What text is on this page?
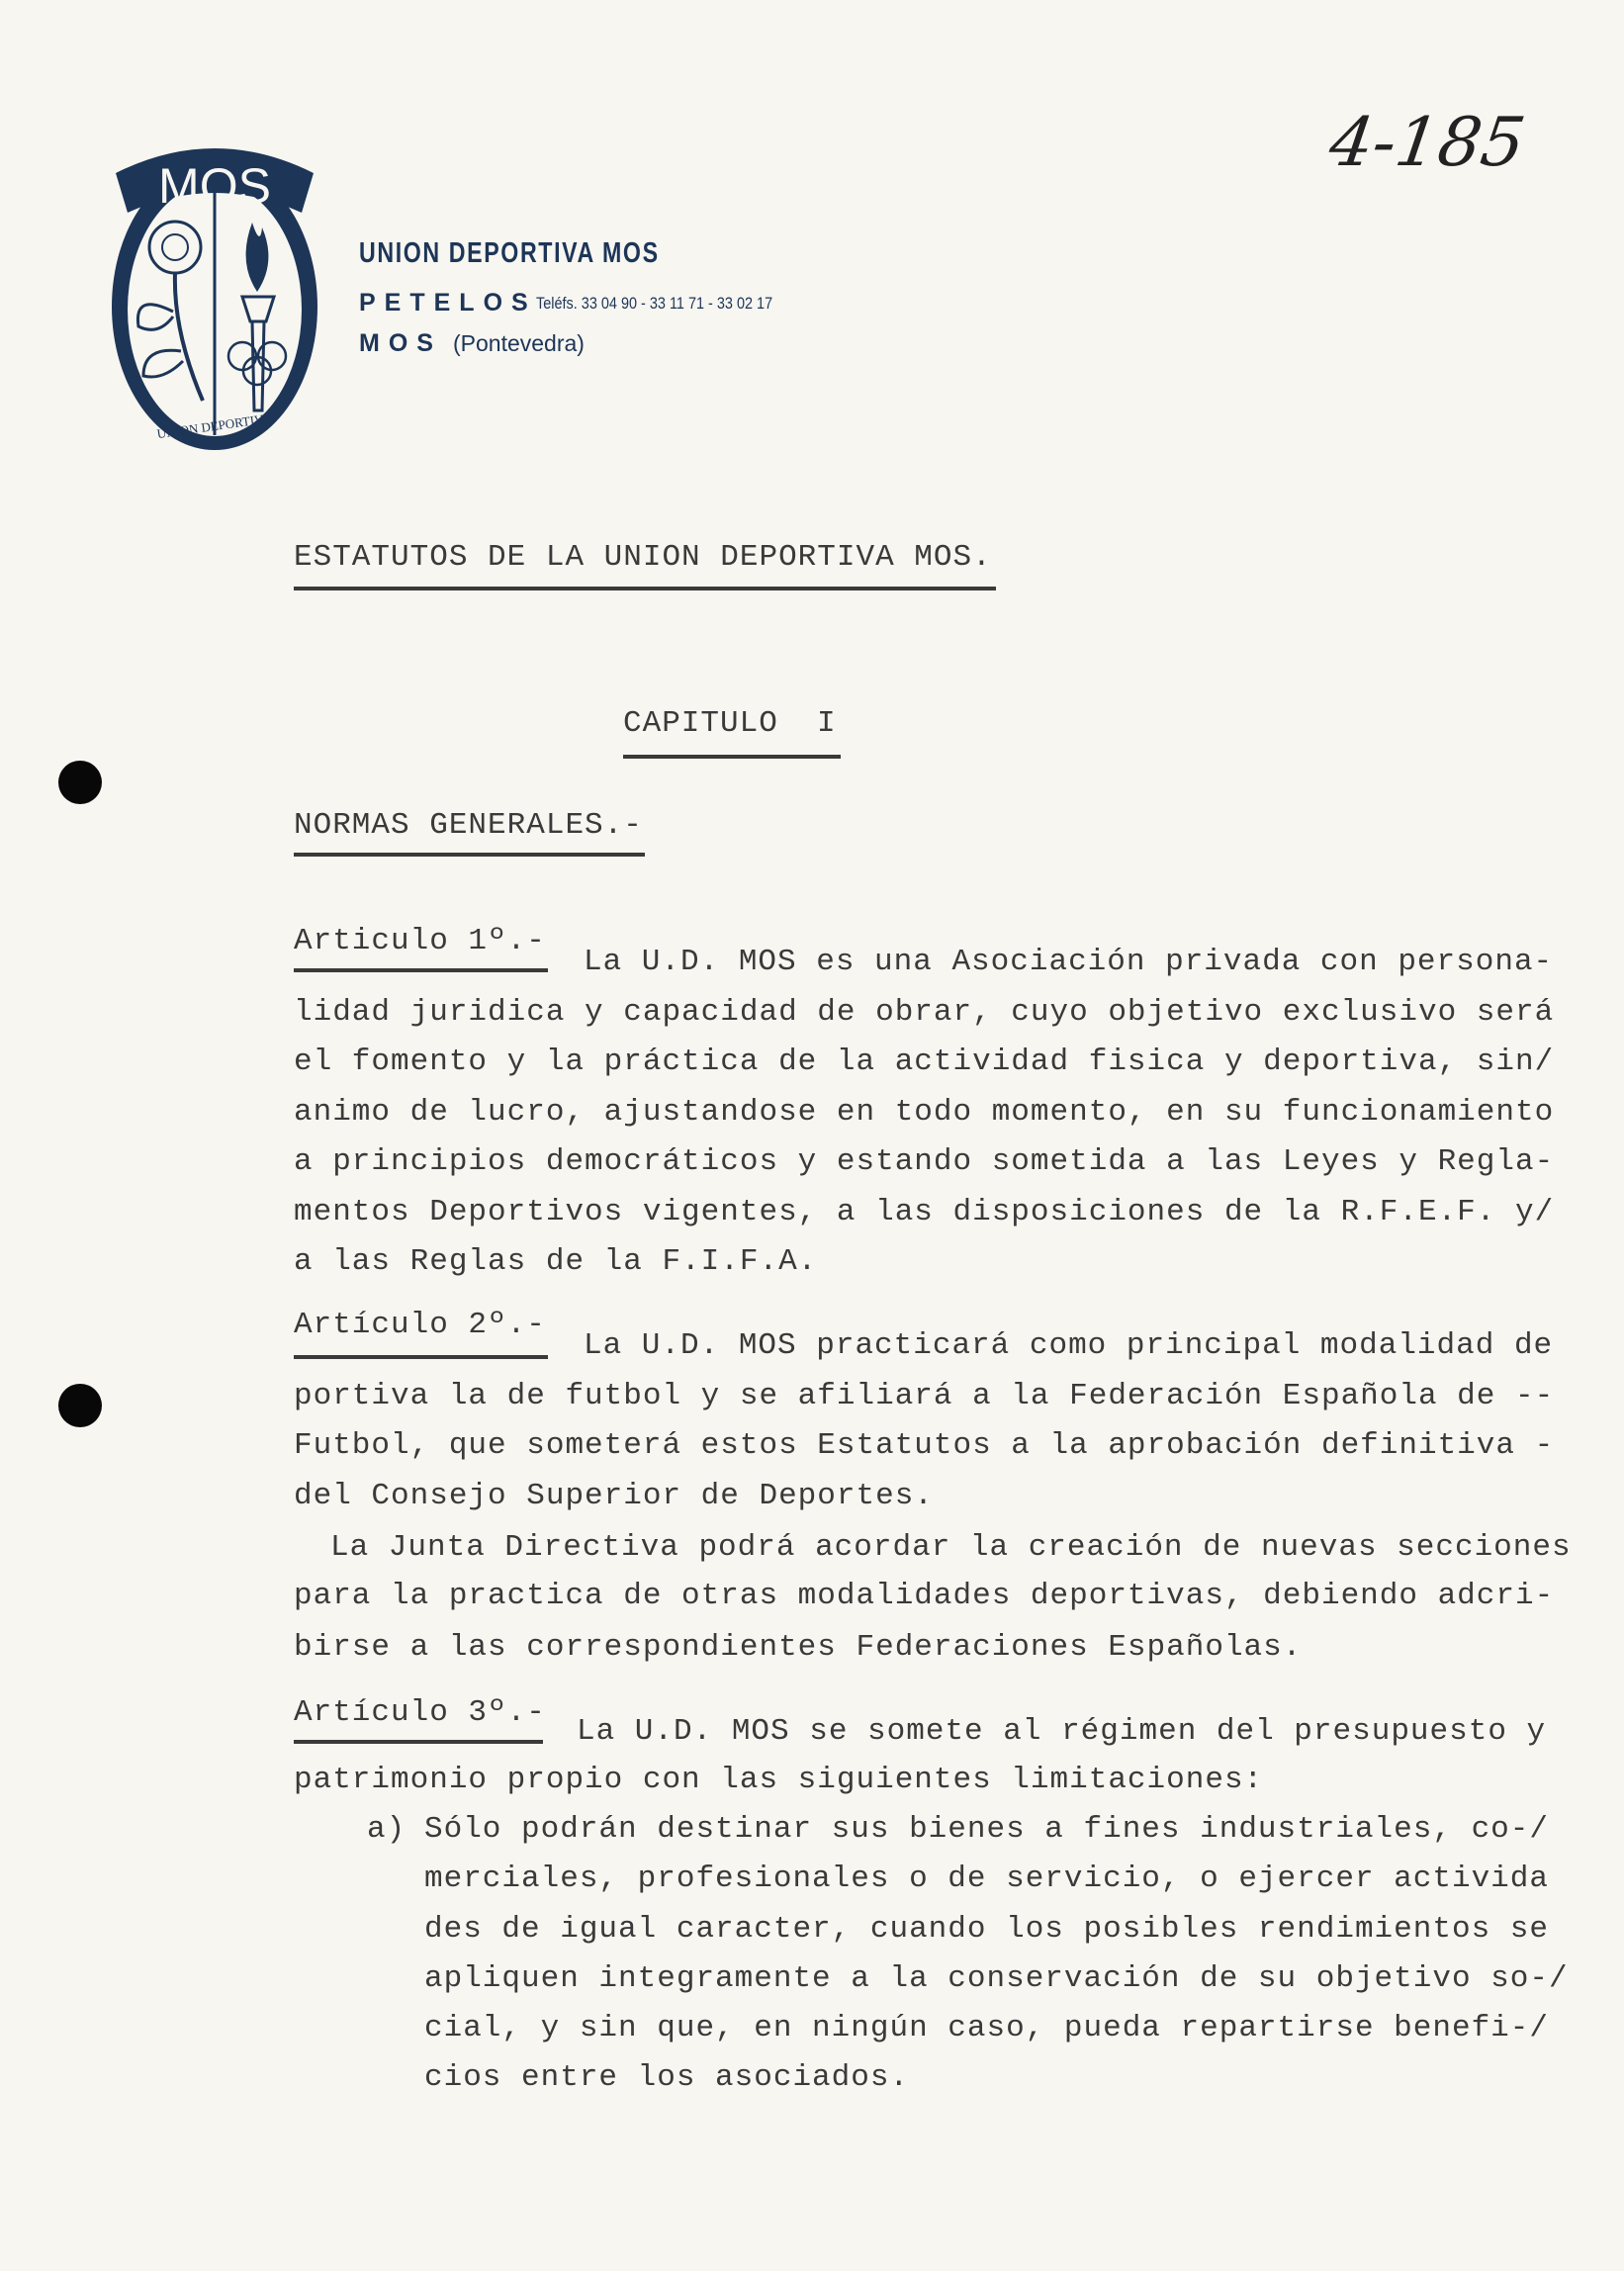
MOS
UNION DEPORTIVA
UNION DEPORTIVA MOS
PETELOS Teléfs. 33 04 90 - 33 11 71 - 33 02 17
MOS (Pontevedra)
4-185
ESTATUTOS DE LA UNION DEPORTIVA MOS.
CAPITULO  I
NORMAS GENERALES.-
Articulo 1º.-
La U.D. MOS es una Asociación privada con persona-
lidad juridica y capacidad de obrar, cuyo objetivo exclusivo será
el fomento y la práctica de la actividad fisica y deportiva, sin/
animo de lucro, ajustandose en todo momento, en su funcionamiento
a principios democráticos y estando sometida a las Leyes y Regla-
mentos Deportivos vigentes, a las disposiciones de la R.F.E.F. y/
a las Reglas de la F.I.F.A.
Artículo 2º.-
La U.D. MOS practicará como principal modalidad de
portiva la de futbol y se afiliará a la Federación Española de --
Futbol, que someterá estos Estatutos a la aprobación definitiva -
del Consejo Superior de Deportes.
La Junta Directiva podrá acordar la creación de nuevas secciones
para la practica de otras modalidades deportivas, debiendo adcri-
birse a las correspondientes Federaciones Españolas.
Artículo 3º.-
La U.D. MOS se somete al régimen del presupuesto y
patrimonio propio con las siguientes limitaciones:
a) Sólo podrán destinar sus bienes a fines industriales, co-/
merciales, profesionales o de servicio, o ejercer activida
des de igual caracter, cuando los posibles rendimientos se
apliquen integramente a la conservación de su objetivo so-/
cial, y sin que, en ningún caso, pueda repartirse benefi-/
cios entre los asociados.
